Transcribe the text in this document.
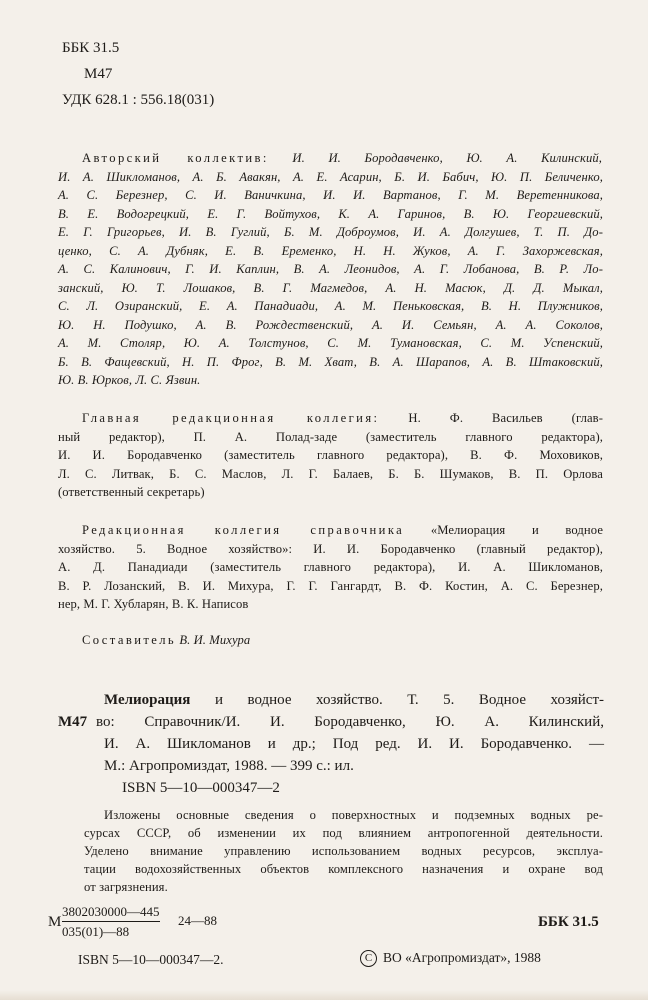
ББК 31.5
М47
УДК 628.1 : 556.18(031)
Авторский коллектив: И. И. Бородавченко, Ю. А. Килинский,
И. А. Шикломанов, А. Б. Авакян, А. Е. Асарин, Б. И. Бабич, Ю. П. Беличенко,
А. С. Березнер, С. И. Ваничкина, И. И. Вартанов, Г. М. Веретенникова,
В. Е. Водогрецкий, Е. Г. Войтухов, К. А. Гаринов, В. Ю. Георгиевский,
Е. Г. Григорьев, И. В. Гуглий, Б. М. Доброумов, И. А. Долгушев, Т. П. До-
ценко, С. А. Дубняк, Е. В. Еременко, Н. Н. Жуков, А. Г. Захоржевская,
А. С. Калинович, Г. И. Каплин, В. А. Леонидов, А. Г. Лобанова, В. Р. Ло-
занский, Ю. Т. Лошаков, В. Г. Магмедов, А. Н. Масюк, Д. Д. Мыкал,
С. Л. Озиранский, Е. А. Панадиади, А. М. Пеньковская, В. Н. Плужников,
Ю. Н. Подушко, А. В. Рождественский, А. И. Семьян, А. А. Соколов,
А. М. Столяр, Ю. А. Толстунов, С. М. Тумановская, С. М. Успенский,
Б. В. Фащевский, Н. П. Фрог, В. М. Хват, В. А. Шарапов, А. В. Штаковский,
Ю. В. Юрков, Л. С. Язвин.
Главная редакционная коллегия: Н. Ф. Васильев (глав-
ный редактор), П. А. Полад-заде (заместитель главного редактора),
И. И. Бородавченко (заместитель главного редактора), В. Ф. Моховиков,
Л. С. Литвак, Б. С. Маслов, Л. Г. Балаев, Б. Б. Шумаков, В. П. Орлова
(ответственный секретарь)
Редакционная коллегия справочника «Мелиорация и водное
хозяйство. 5. Водное хозяйство»: И. И. Бородавченко (главный редактор),
А. Д. Панадиади (заместитель главного редактора), И. А. Шикломанов,
В. Р. Лозанский, В. И. Михура, Г. Г. Гангардт, В. Ф. Костин, А. С. Березнер,
нер, М. Г. Хубларян, В. К. Написов
Составитель В. И. Михура
Мелиорация и водное хозяйство. Т. 5. Водное хозяйст-
М47 во: Справочник/И. И. Бородавченко, Ю. А. Килинский,
И. А. Шикломанов и др.; Под ред. И. И. Бородавченко. —
М.: Агропромиздат, 1988. — 399 с.: ил.
ISBN 5—10—000347—2
Изложены основные сведения о поверхностных и подземных водных ре-
сурсах СССР, об изменении их под влиянием антропогенной деятельности.
Уделено внимание управлению использованием водных ресурсов, эксплуа-
тации водохозяйственных объектов комплексного назначения и охране вод
от загрязнения.
М
3802030000—445
035(01)—88
24—88	ББК 31.5
ISBN 5—10—000347—2.	С ВО «Агропромиздат», 1988
